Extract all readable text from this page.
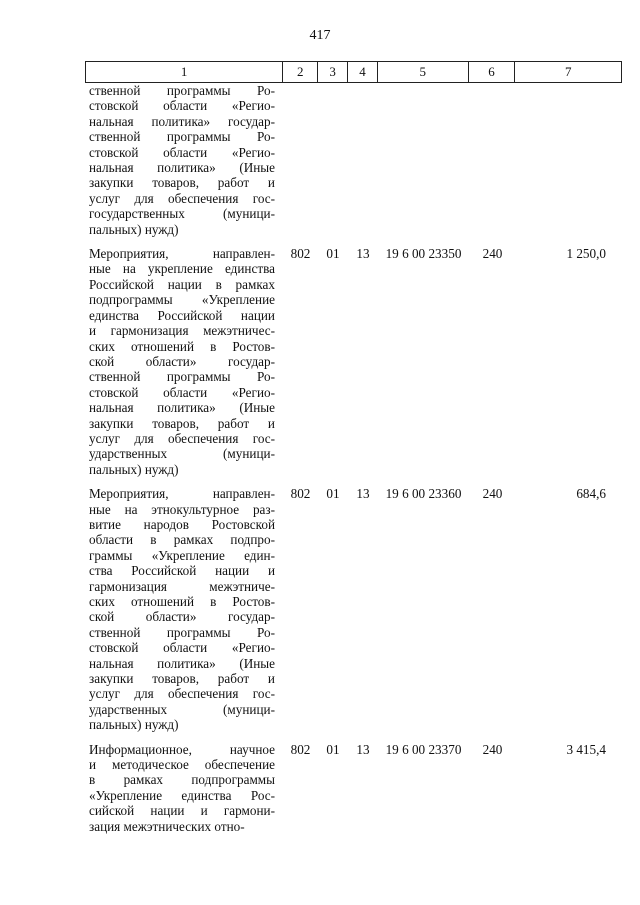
417
1	2	3	4	5	6	7
ственной программы Ро-
стовской области «Регио-
нальная политика» государ-
ственной программы Ро-
стовской области «Регио-
нальная политика» (Иные
закупки товаров, работ и
услуг для обеспечения гос-
государственных (муници-
пальных) нужд)
Мероприятия, направлен-
ные на укрепление единства
Российской нации в рамках
подпрограммы «Укрепление
единства Российской нации
и гармонизация межэтничес-
ских отношений в Ростов-
ской области» государ-
ственной программы Ро-
стовской области «Регио-
нальная политика» (Иные
закупки товаров, работ и
услуг для обеспечения гос-
ударственных (муници-
пальных) нужд)
802	01	13	19 6 00 23350	240	1 250,0
Мероприятия, направлен-
ные на этнокультурное раз-
витие народов Ростовской
области в рамках подпро-
граммы «Укрепление един-
ства Российской нации и
гармонизация межэтниче-
ских отношений в Ростов-
ской области» государ-
ственной программы Ро-
стовской области «Регио-
нальная политика» (Иные
закупки товаров, работ и
услуг для обеспечения гос-
ударственных (муници-
пальных) нужд)
802	01	13	19 6 00 23360	240	684,6
Информационное, научное
и методическое обеспечение
в рамках подпрограммы
«Укрепление единства Рос-
сийской нации и гармони-
зация межэтнических отно-
802	01	13	19 6 00 23370	240	3 415,4
